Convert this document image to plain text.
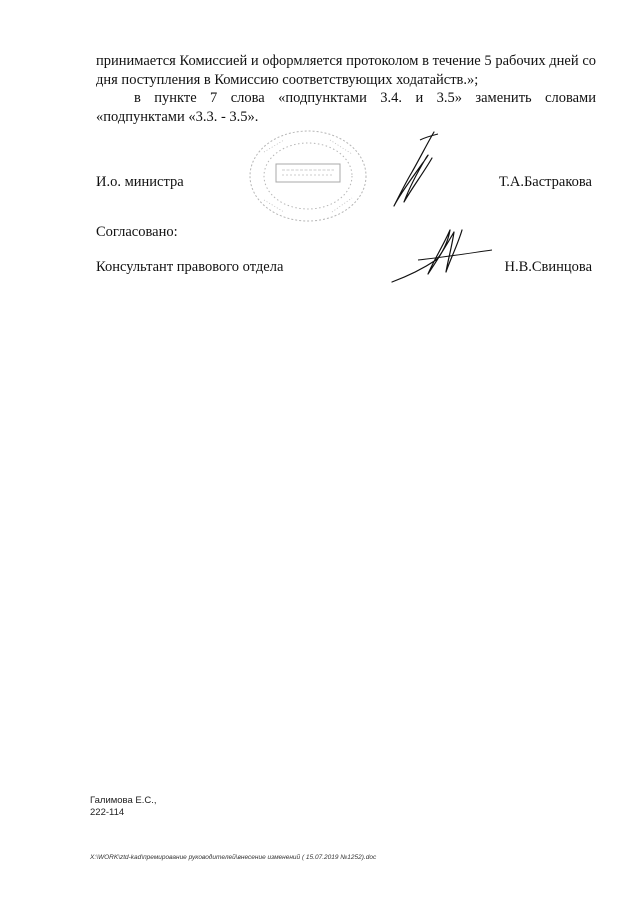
принимается Комиссией и оформляется протоколом в течение 5 рабочих дней со дня поступления в Комиссию соответствующих ходатайств.»;
в пункте 7 слова «подпунктами 3.4. и 3.5» заменить словами «подпунктами «3.3. - 3.5».
И.о. министра	Т.А.Бастракова
Согласовано:
Консультант правового отдела	Н.В.Свинцова
Галимова Е.С.,
222-114
X:\WORK\ztd-kad\премирование руководителей\внесение изменений ( 15.07.2019 №1252).doc
